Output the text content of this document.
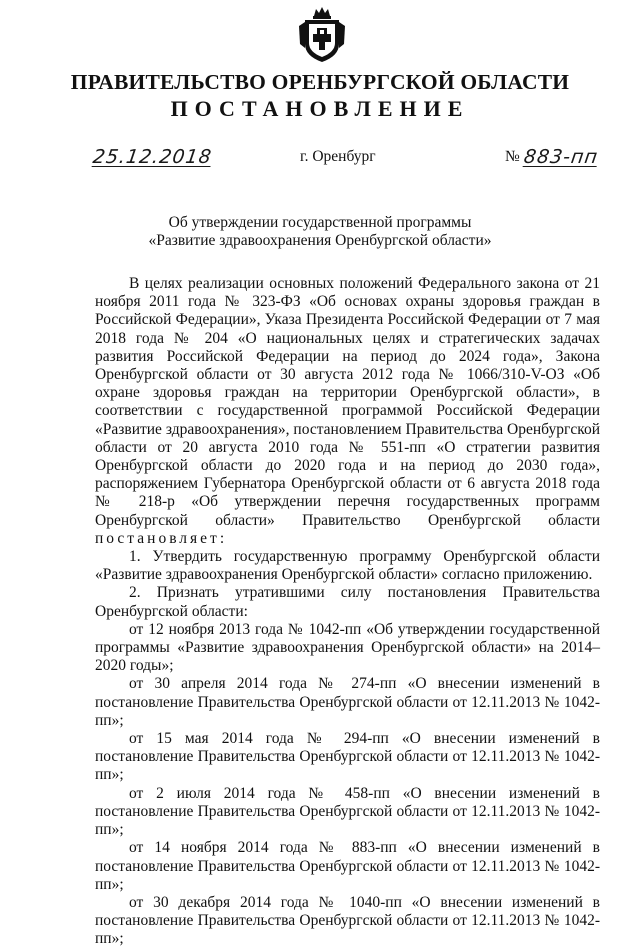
ПРАВИТЕЛЬСТВО ОРЕНБУРГСКОЙ ОБЛАСТИ
ПОСТАНОВЛЕНИЕ
25.12.2018	г. Оренбург	№ 883-пп
Об утверждении государственной программы
«Развитие здравоохранения Оренбургской области»

В целях реализации основных положений Федерального закона от 21 ноября 2011 года № 323-ФЗ «Об основах охраны здоровья граждан в Российской Федерации», Указа Президента Российской Федерации от 7 мая 2018 года № 204 «О национальных целях и стратегических задачах развития Российской Федерации на период до 2024 года», Закона Оренбургской области от 30 августа 2012 года № 1066/310-V-ОЗ «Об охране здоровья граждан на территории Оренбургской области», в соответствии с государственной программой Российской Федерации «Развитие здравоохранения», постановлением Правительства Оренбургской области от 20 августа 2010 года № 551-пп «О стратегии развития Оренбургской области до 2020 года и на период до 2030 года», распоряжением Губернатора Оренбургской области от 6 августа 2018 года № 218-р «Об утверждении перечня государственных программ Оренбургской области» Правительство Оренбургской области постановляет:

1. Утвердить государственную программу Оренбургской области «Развитие здравоохранения Оренбургской области» согласно приложению.

2. Признать утратившими силу постановления Правительства Оренбургской области:

от 12 ноября 2013 года № 1042-пп «Об утверждении государственной программы «Развитие здравоохранения Оренбургской области» на 2014–2020 годы»;

от 30 апреля 2014 года № 274-пп «О внесении изменений в постановление Правительства Оренбургской области от 12.11.2013 № 1042-пп»;

от 15 мая 2014 года № 294-пп «О внесении изменений в постановление Правительства Оренбургской области от 12.11.2013 № 1042-пп»;

от 2 июля 2014 года № 458-пп «О внесении изменений в постановление Правительства Оренбургской области от 12.11.2013 № 1042-пп»;

от 14 ноября 2014 года № 883-пп «О внесении изменений в постановление Правительства Оренбургской области от 12.11.2013 № 1042-пп»;

от 30 декабря 2014 года № 1040-пп «О внесении изменений в постановление Правительства Оренбургской области от 12.11.2013 № 1042-пп»;
